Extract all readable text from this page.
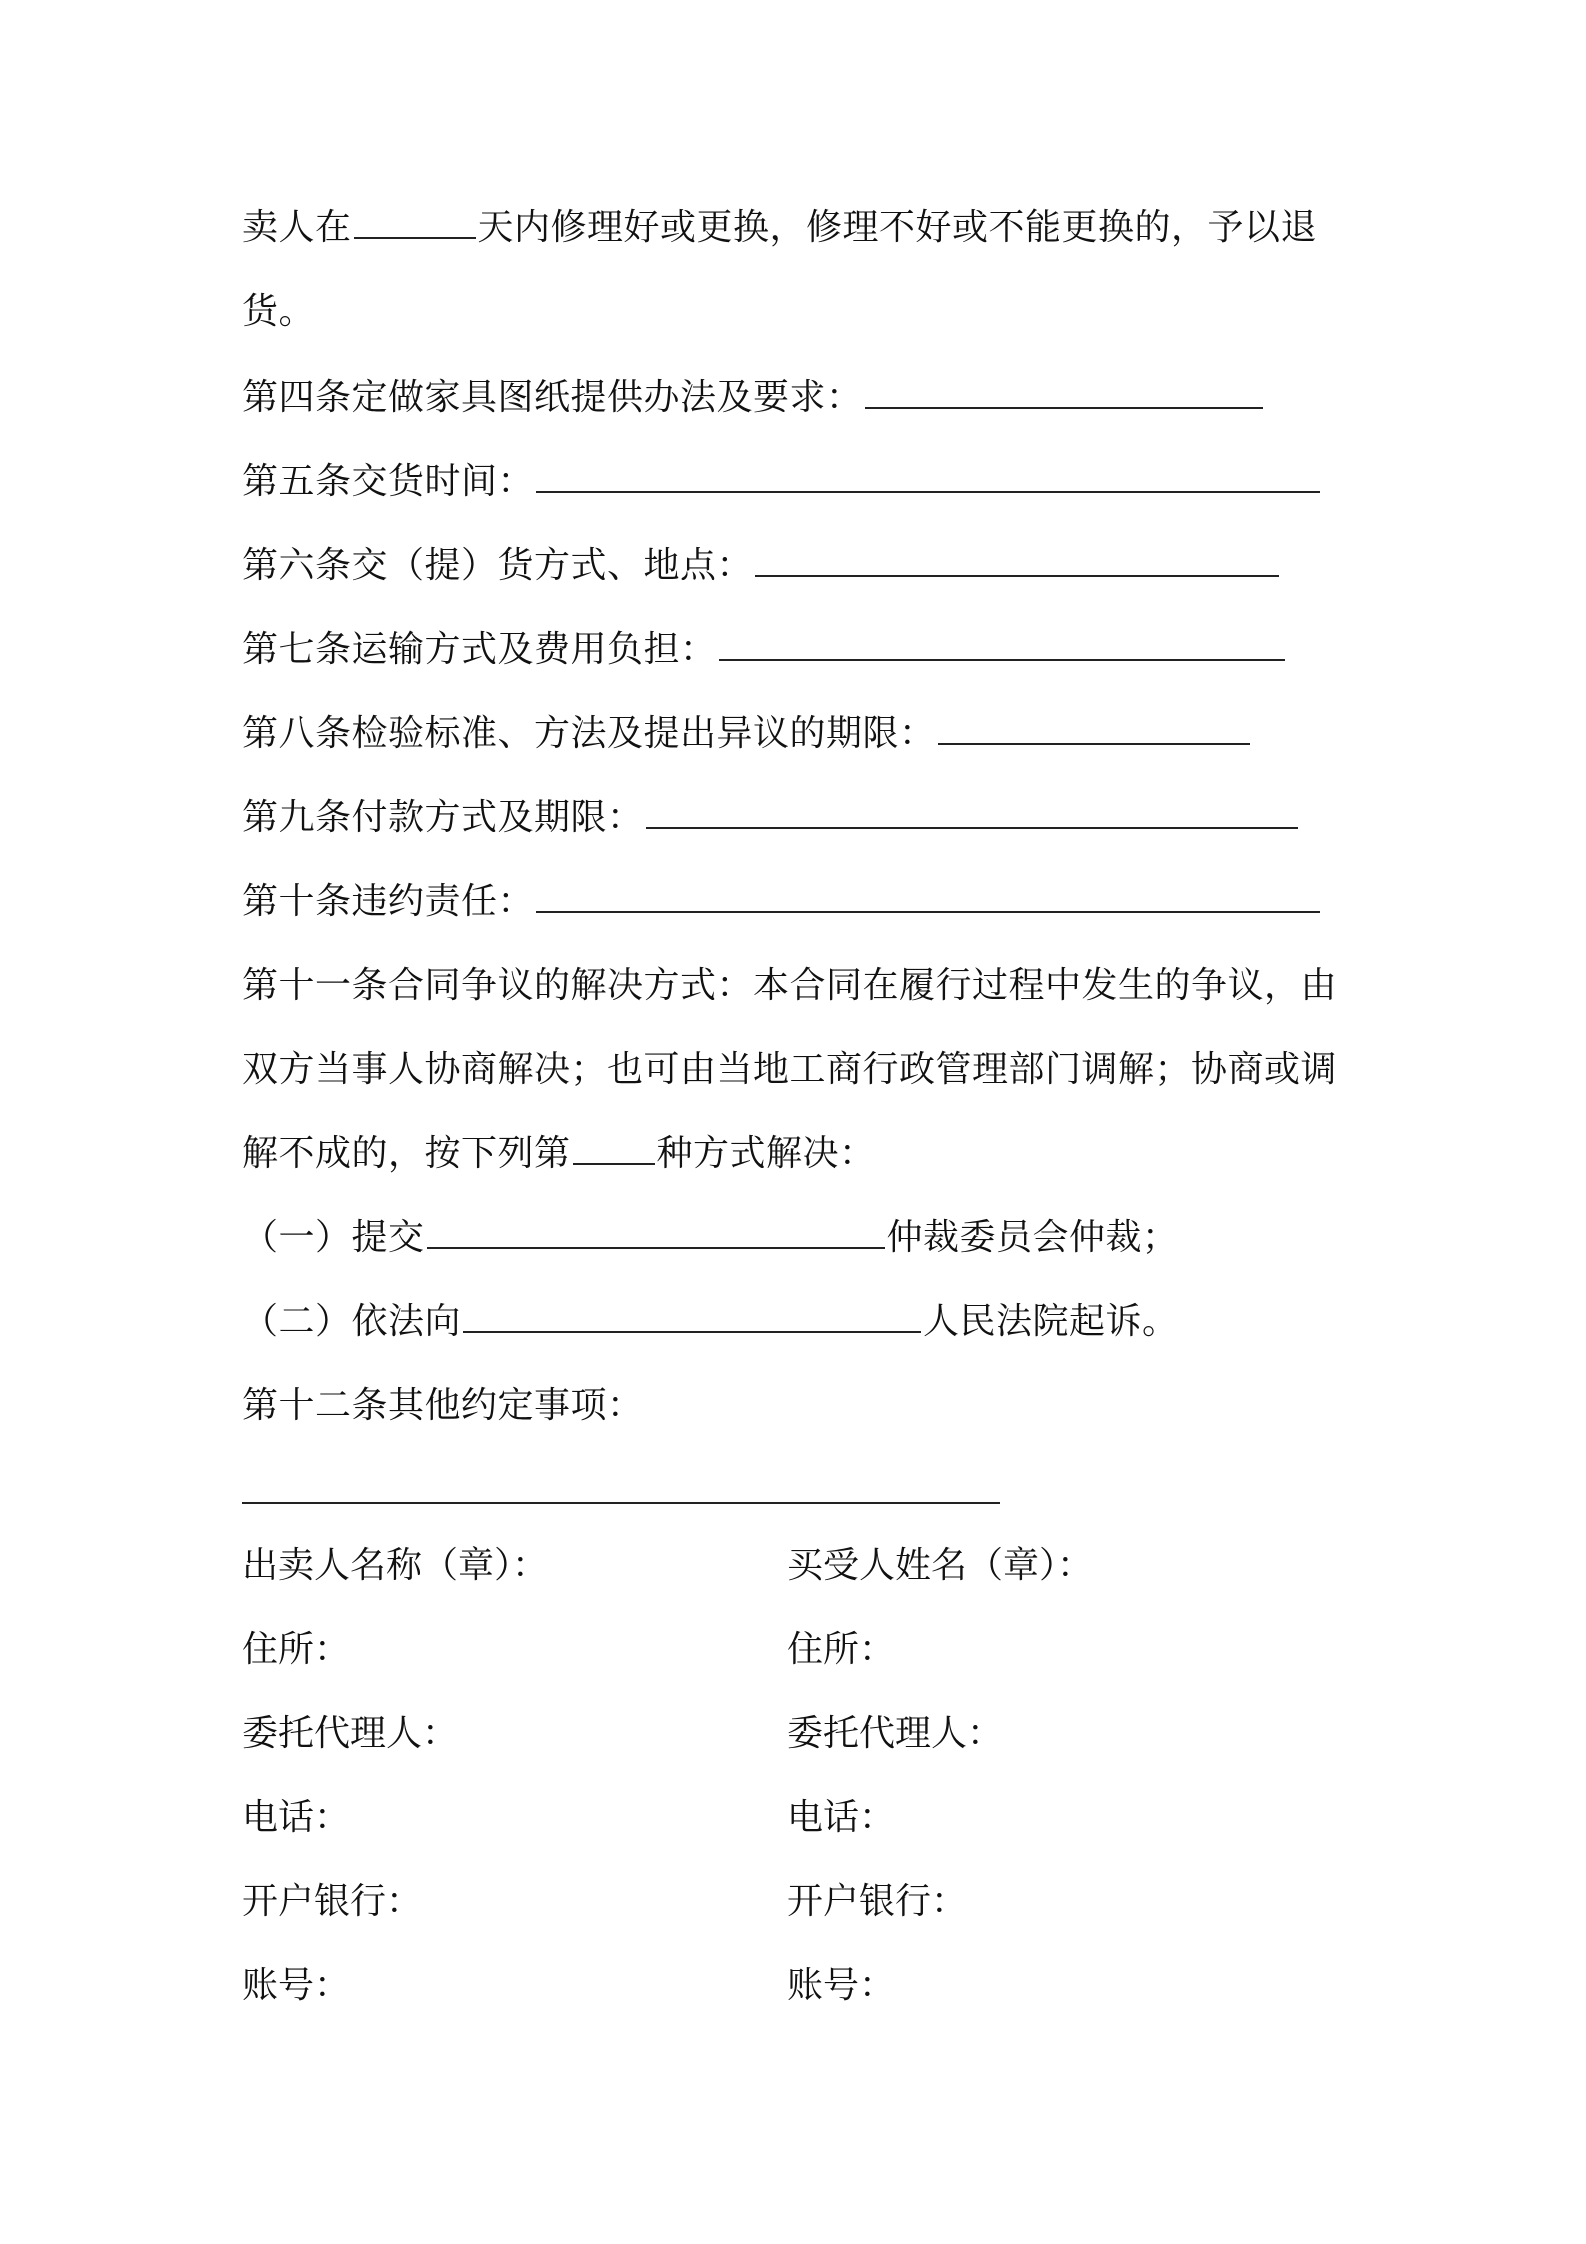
卖人在	天内修理好或更换，修理不好或不能更换的，予以退
货。
第四条定做家具图纸提供办法及要求：
第五条交货时间：
第六条交（提）货方式、地点：
第七条运输方式及费用负担：
第八条检验标准、方法及提出异议的期限：
第九条付款方式及期限：
第十条违约责任：
第十一条合同争议的解决方式：本合同在履行过程中发生的争议，由
双方当事人协商解决；也可由当地工商行政管理部门调解；协商或调
解不成的，按下列第 种方式解决：
（一）提交	仲裁委员会仲裁；
（二）依法向	人民法院起诉。
第十二条其他约定事项：
出卖人名称（章）：	买受人姓名（章）：
住所：	住所：
委托代理人：	委托代理人：
电话：	电话：
开户银行：	开户银行：
账号：	账号：
